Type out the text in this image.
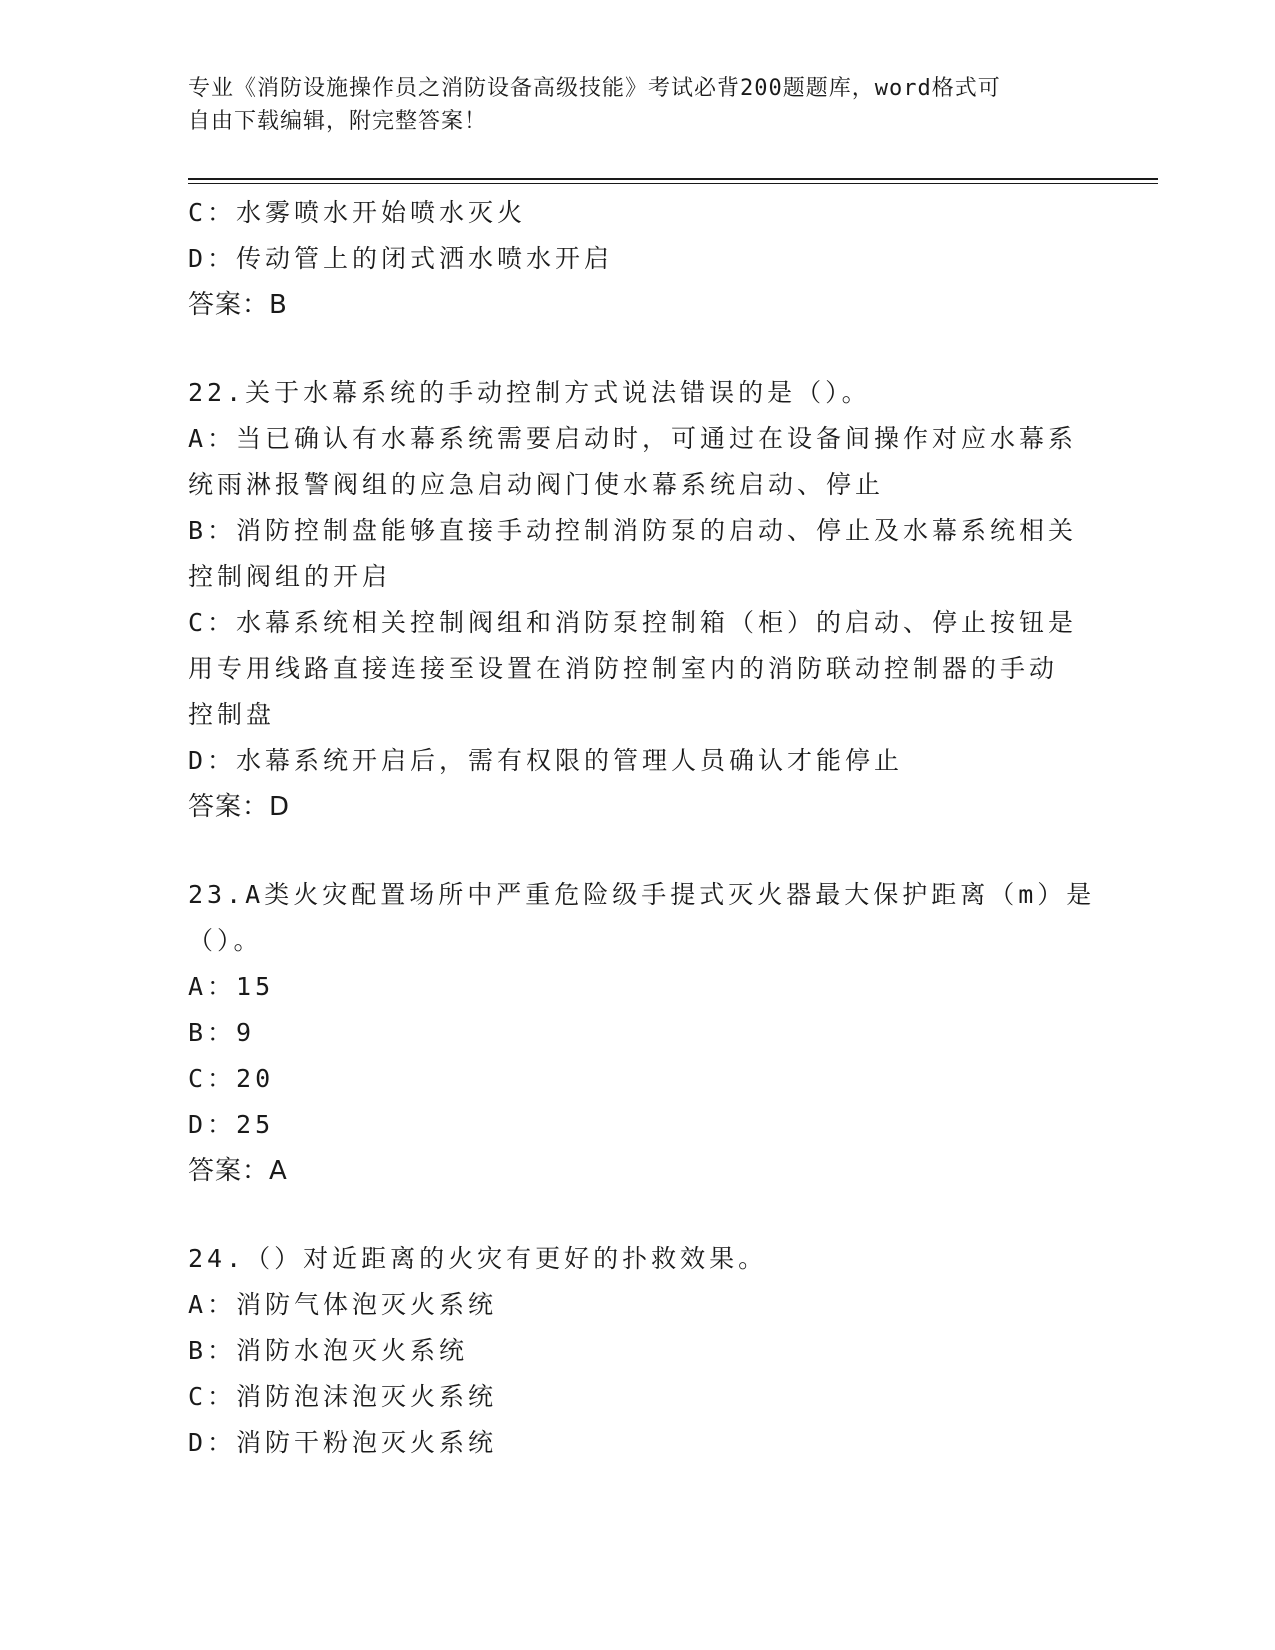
专业《消防设施操作员之消防设备高级技能》考试必背200题题库，word格式可
自由下载编辑，附完整答案！
C：水雾喷水开始喷水灭火
D：传动管上的闭式洒水喷水开启
答案：B
22.关于水幕系统的手动控制方式说法错误的是（）。
A：当已确认有水幕系统需要启动时，可通过在设备间操作对应水幕系
统雨淋报警阀组的应急启动阀门使水幕系统启动、停止
B：消防控制盘能够直接手动控制消防泵的启动、停止及水幕系统相关
控制阀组的开启
C：水幕系统相关控制阀组和消防泵控制箱（柜）的启动、停止按钮是
用专用线路直接连接至设置在消防控制室内的消防联动控制器的手动
控制盘
D：水幕系统开启后，需有权限的管理人员确认才能停止
答案：D
23.A类火灾配置场所中严重危险级手提式灭火器最大保护距离（m）是
（）。
A：15
B：9
C：20
D：25
答案：A
24.（）对近距离的火灾有更好的扑救效果。
A：消防气体泡灭火系统
B：消防水泡灭火系统
C：消防泡沫泡灭火系统
D：消防干粉泡灭火系统
